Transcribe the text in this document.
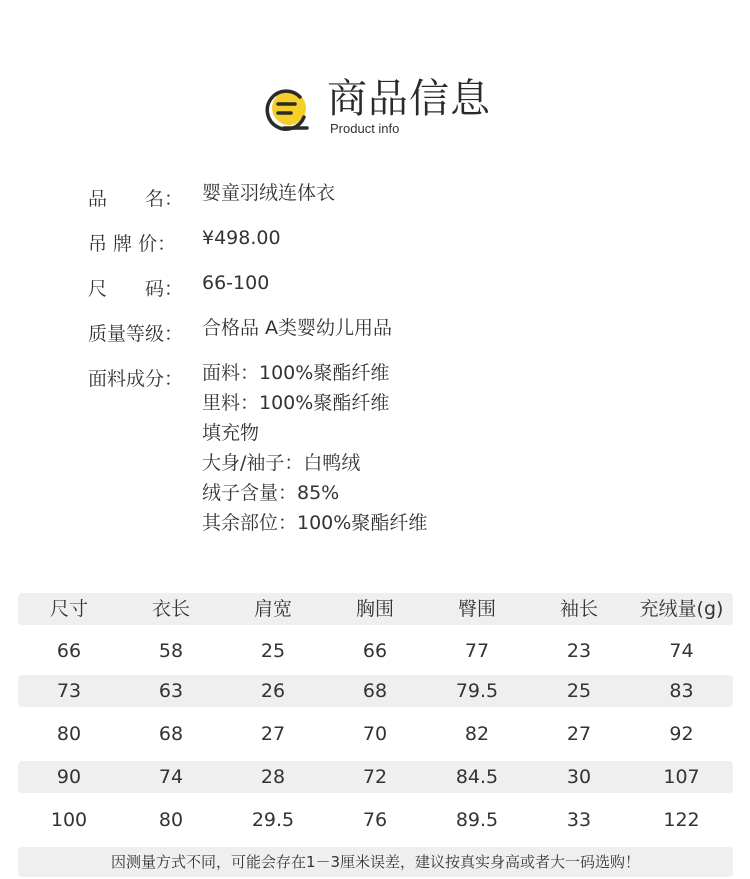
商品信息
Product info
品　　名： 婴童羽绒连体衣
吊 牌 价：	¥498.00
尺　　码： 66-100
质量等级： 合格品 A类婴幼儿用品
面料成分： 面料：100%聚酯纤维
里料：100%聚酯纤维
填充物
大身/袖子：白鸭绒
绒子含量：85%
其余部位：100%聚酯纤维
尺寸	衣长	肩宽	胸围	臀围	袖长	充绒量(g)
66	58	25	66	77	23	74
73	63	26	68	79.5	25	83
80	68	27	70	82	27	92
90	74	28	72	84.5	30	107
100	80	29.5	76	89.5	33	122
因测量方式不同，可能会存在1－3厘米误差，建议按真实身高或者大一码选购！
